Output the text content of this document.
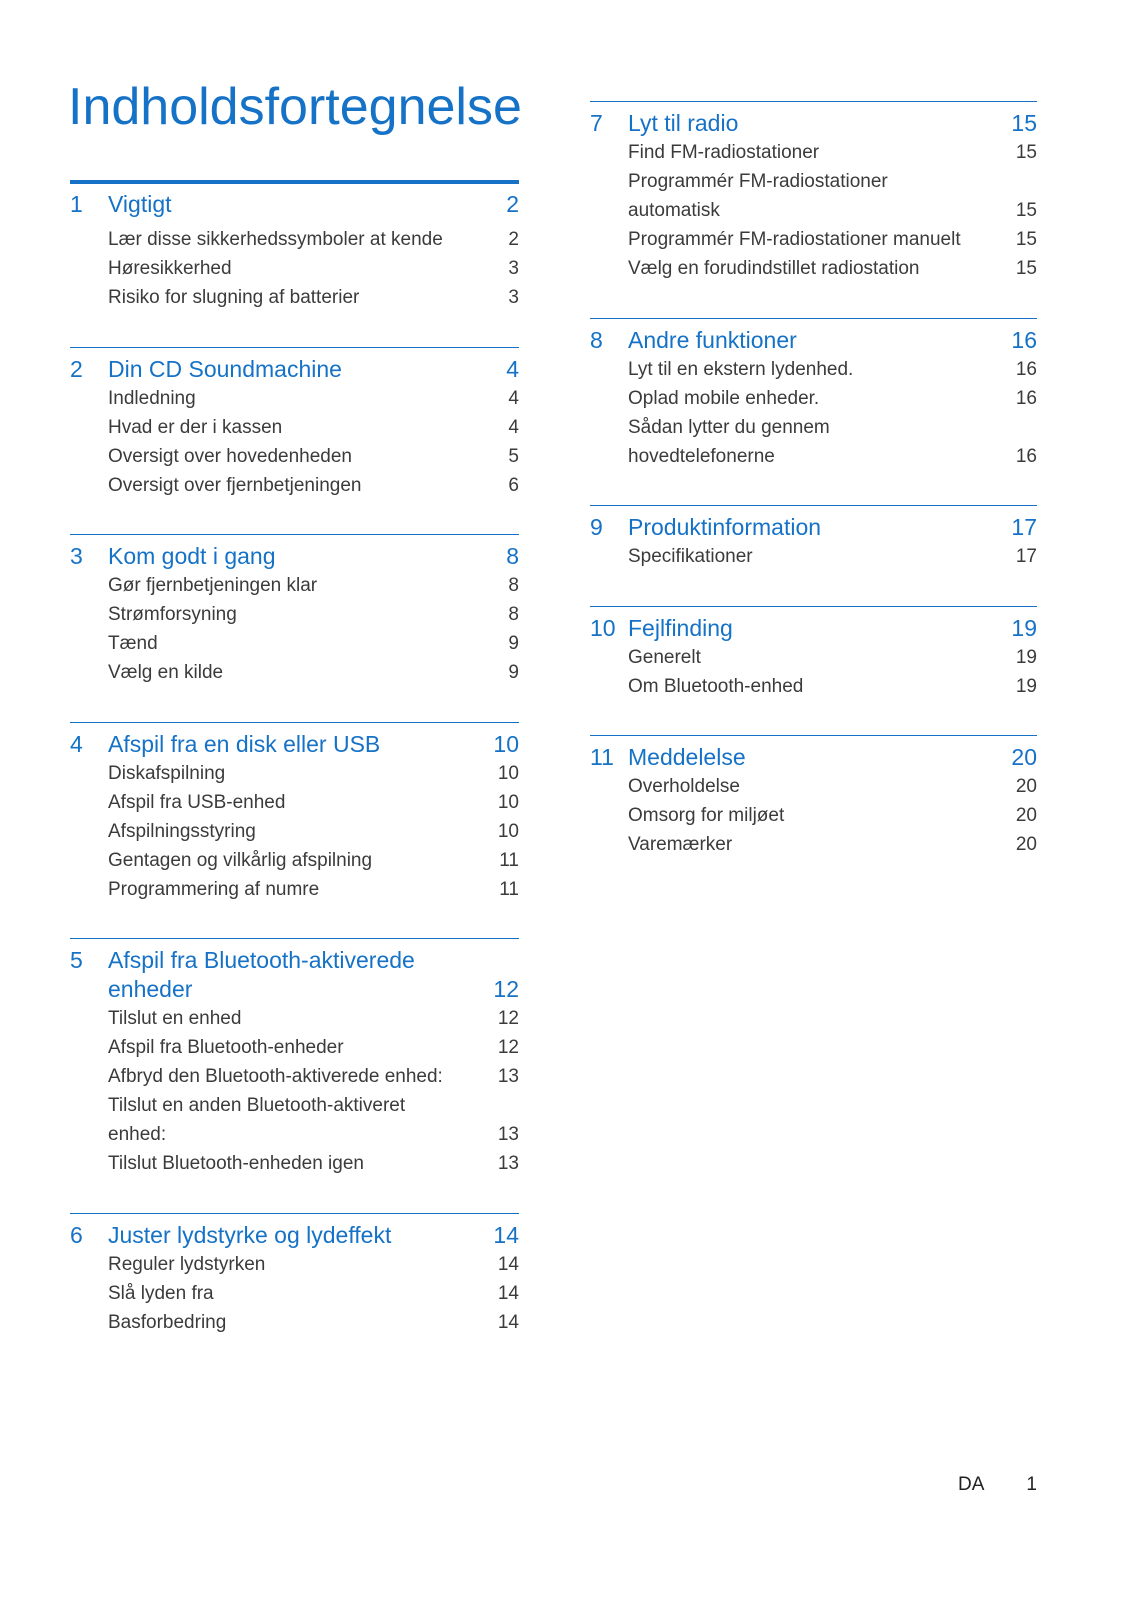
Indholdsfortegnelse
1	Vigtigt	2
Lær disse sikkerhedssymboler at kende	2
Høresikkerhed	3
Risiko for slugning af batterier	3
2	Din CD Soundmachine	4
Indledning	4
Hvad er der i kassen	4
Oversigt over hovedenheden	5
Oversigt over fjernbetjeningen	6
3	Kom godt i gang	8
Gør fjernbetjeningen klar	8
Strømforsyning	8
Tænd	9
Vælg en kilde	9
4	Afspil fra en disk eller USB	10
Diskafspilning	10
Afspil fra USB-enhed	10
Afspilningsstyring	10
Gentagen og vilkårlig afspilning	11
Programmering af numre	11
5	Afspil fra Bluetooth-aktiverede
enheder	12
Tilslut en enhed	12
Afspil fra Bluetooth-enheder	12
Afbryd den Bluetooth-aktiverede enhed:	13
Tilslut en anden Bluetooth-aktiveret
enhed:	13
Tilslut Bluetooth-enheden igen	13
6	Juster lydstyrke og lydeffekt	14
Reguler lydstyrken	14
Slå lyden fra	14
Basforbedring	14
7	Lyt til radio	15
Find FM-radiostationer	15
Programmér FM-radiostationer
automatisk	15
Programmér FM-radiostationer manuelt	15
Vælg en forudindstillet radiostation	15
8	Andre funktioner	16
Lyt til en ekstern lydenhed.	16
Oplad mobile enheder.	16
Sådan lytter du gennem
hovedtelefonerne	16
9	Produktinformation	17
Specifikationer	17
10 Fejlfinding	19
Generelt	19
Om Bluetooth-enhed	19
11 Meddelelse	20
Overholdelse	20
Omsorg for miljøet	20
Varemærker	20
DA 1
